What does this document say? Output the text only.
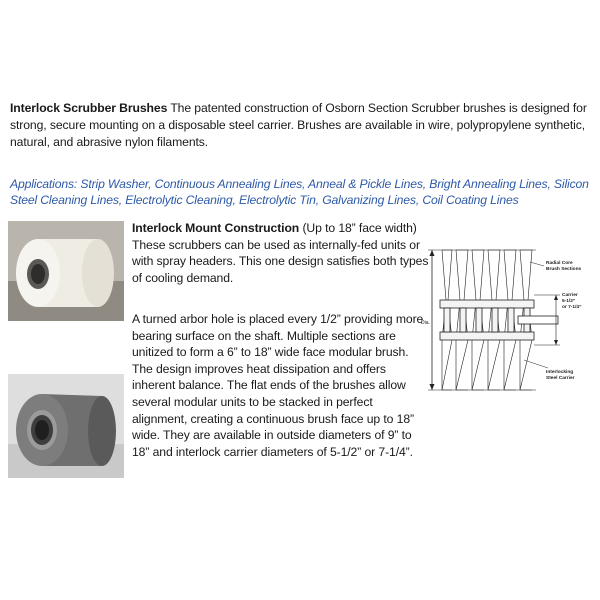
Interlock Scrubber Brushes The patented construction of Osborn Section Scrubber brushes is designed for strong, secure mounting on a disposable steel carrier. Brushes are available in wire, polypropylene synthetic, natural, and abrasive nylon filaments.
Applications: Strip Washer, Continuous Annealing Lines, Anneal & Pickle Lines, Bright Annealing Lines, Silicon Steel Cleaning Lines, Electrolytic Cleaning, Electrolytic Tin, Galvanizing Lines, Coil Coating Lines
Interlock Mount Construction (Up to 18” face width) These scrubbers can be used as internally-fed units or with spray headers. This one design satisfies both types of cooling demand.
A turned arbor hole is placed every 1/2” providing more bearing surface on the shaft. Multiple sections are unitized to form a 6” to 18” wide face modular brush. The design improves heat dissipation and offers inherent balance. The flat ends of the brushes allow several modular units to be stacked in perfect alignment, creating a continuous brush face up to 18” wide. They are available in outside diameters of 9” to 18” and interlock carrier diameters of 5-1/2” or 7-1/4”.
Dia.
Radial Core
Brush Sections
Carrier
5-1/2”
or 7-1/4”
Interlocking
Steel Carrier
